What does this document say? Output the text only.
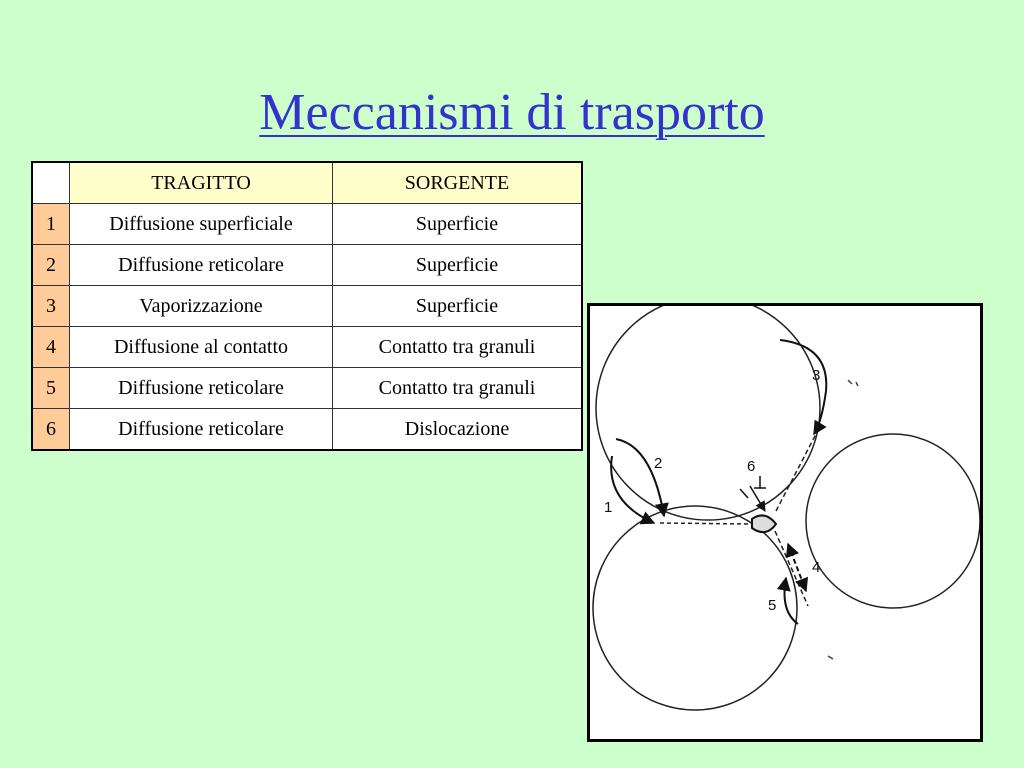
Meccanismi di trasporto
	TRAGITTO	SORGENTE
1	Diffusione superficiale	Superficie
2	Diffusione reticolare	Superficie
3	Vaporizzazione	Superficie
4	Diffusione al contatto	Contatto tra granuli
5	Diffusione reticolare	Contatto tra granuli
6	Diffusione reticolare	Dislocazione
1
2
3
4
5
6
